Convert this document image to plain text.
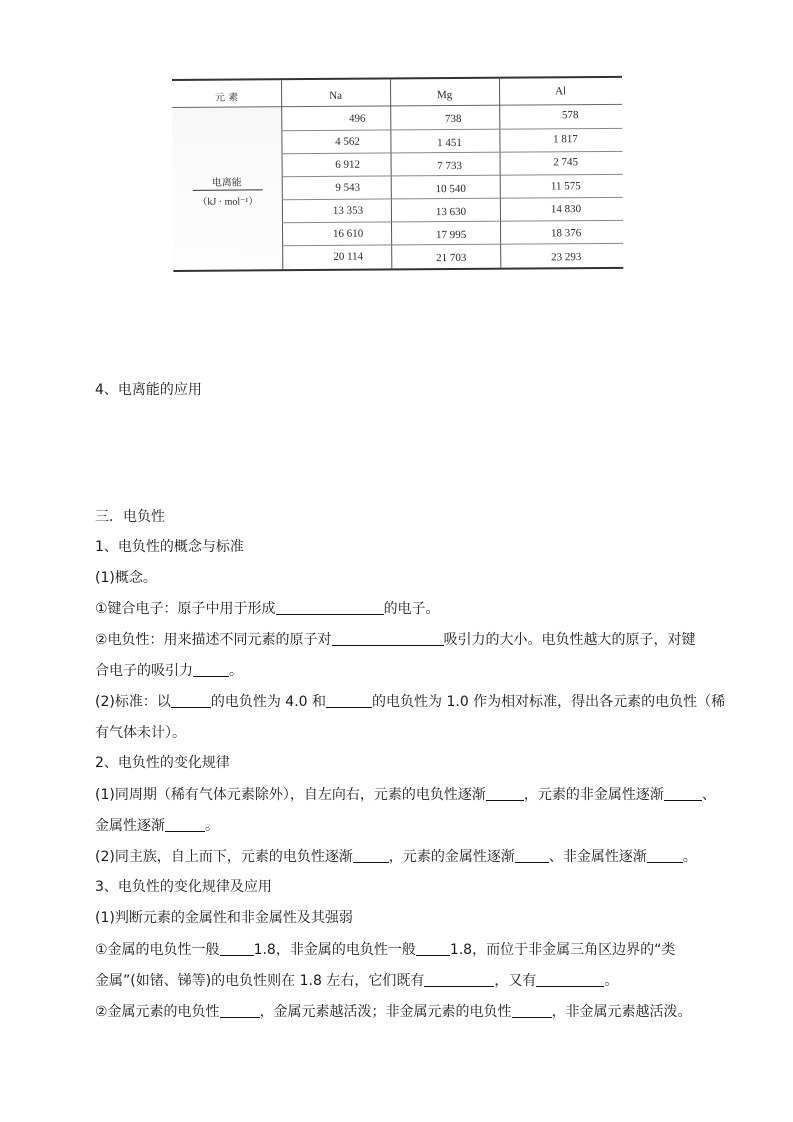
元 素	Na	Mg	Al
电离能
（kJ · mol⁻¹）
496	738	578
4 562	1 451	1 817
6 912	7 733	2 745
9 543	10 540	11 575
13 353	13 630	14 830
16 610	17 995	18 376
20 114	21 703	23 293
4、电离能的应用
三．电负性
1、电负性的概念与标准
(1)概念。
①键合电子：原子中用于形成	的电子。
②电负性：用来描述不同元素的原子对	吸引力的大小。电负性越大的原子，对键
合电子的吸引力	。
(2)标准：以	的电负性为 4.0 和	的电负性为 1.0 作为相对标准，得出各元素的电负性（稀
有气体未计）。
2、电负性的变化规律
(1)同周期（稀有气体元素除外），自左向右，元素的电负性逐渐	，元素的非金属性逐渐	、
金属性逐渐	。
(2)同主族，自上而下，元素的电负性逐渐	，元素的金属性逐渐 、非金属性逐渐	。
3、电负性的变化规律及应用
(1)判断元素的金属性和非金属性及其强弱
①金属的电负性一般 1.8，非金属的电负性一般 1.8，而位于非金属三角区边界的“类
金属”(如锗、锑等)的电负性则在 1.8 左右，它们既有	，又有	。
②金属元素的电负性	，金属元素越活泼；非金属元素的电负性	，非金属元素越活泼。
